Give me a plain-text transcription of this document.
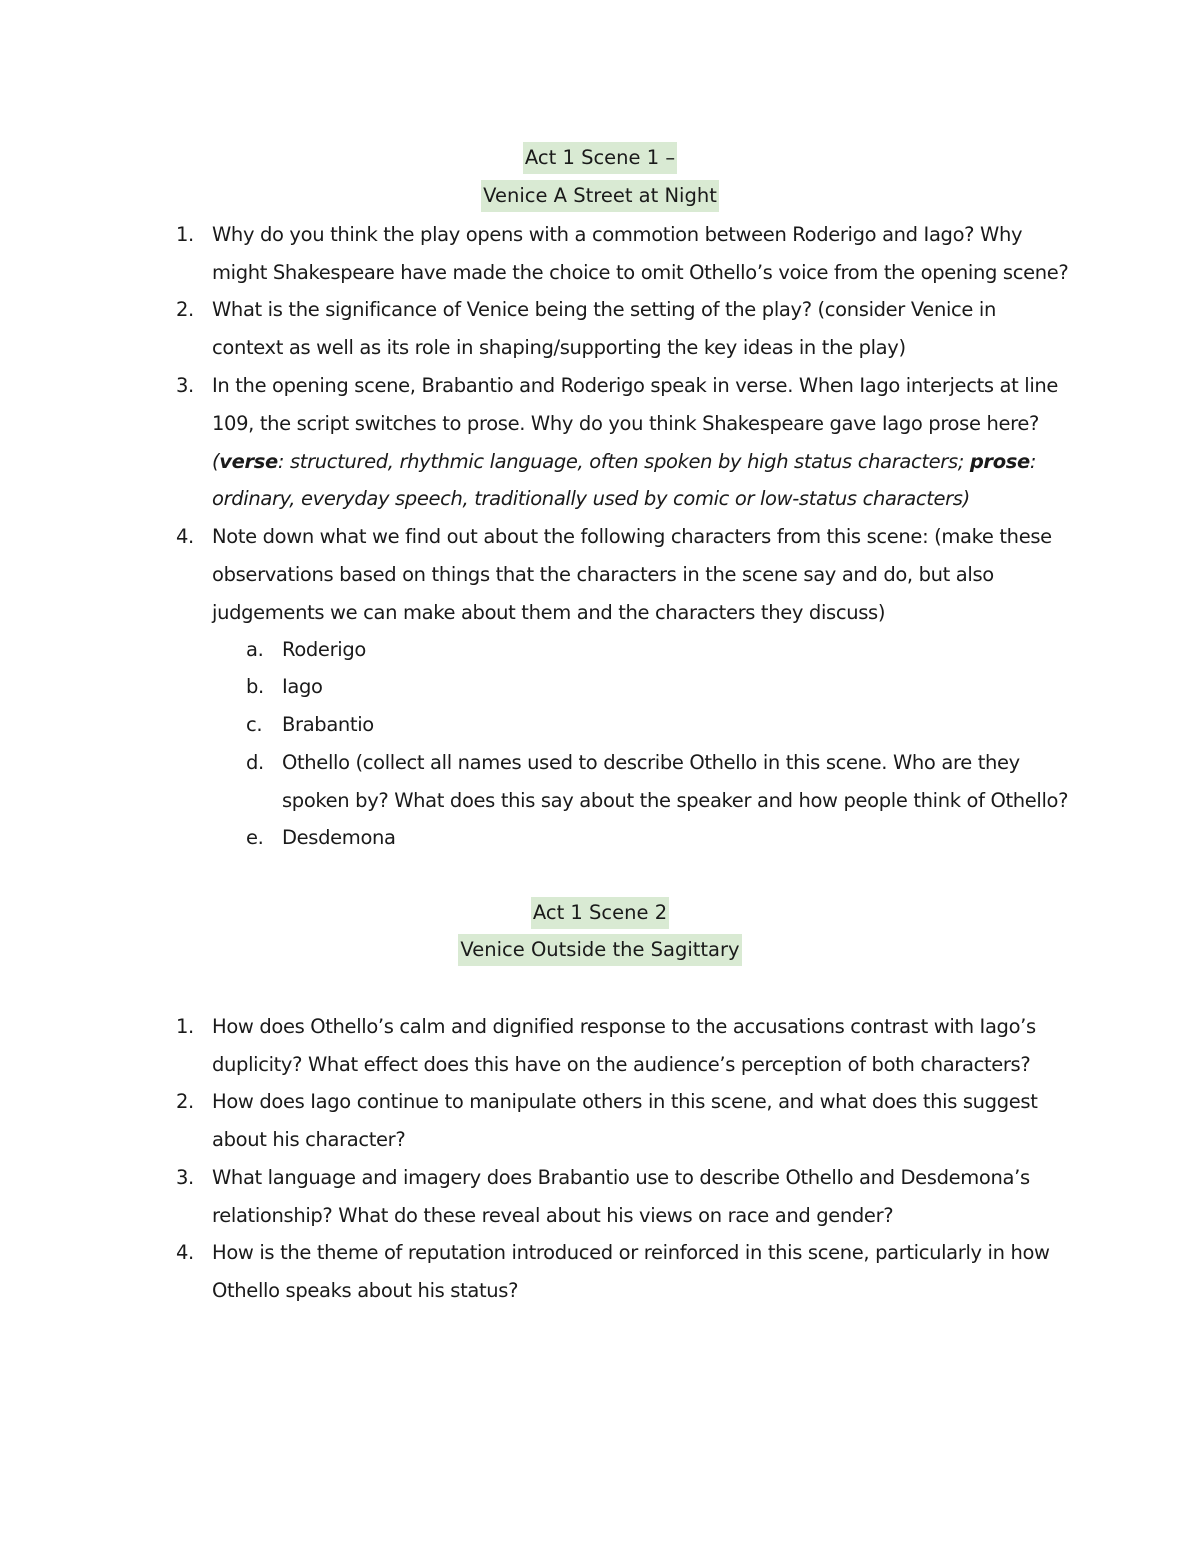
Act 1 Scene 1 –
Venice A Street at Night
1. Why do you think the play opens with a commotion between Roderigo and Iago? Why might Shakespeare have made the choice to omit Othello’s voice from the opening scene?
2. What is the significance of Venice being the setting of the play? (consider Venice in context as well as its role in shaping/supporting the key ideas in the play)
3. In the opening scene, Brabantio and Roderigo speak in verse. When Iago interjects at line 109, the script switches to prose. Why do you think Shakespeare gave Iago prose here? (verse: structured, rhythmic language, often spoken by high status characters; prose: ordinary, everyday speech, traditionally used by comic or low-status characters)
4. Note down what we find out about the following characters from this scene: (make these observations based on things that the characters in the scene say and do, but also judgements we can make about them and the characters they discuss)
a. Roderigo
b. Iago
c.	Brabantio
d. Othello (collect all names used to describe Othello in this scene. Who are they spoken by? What does this say about the speaker and how people think of Othello?
e. Desdemona
Act 1 Scene 2
Venice Outside the Sagittary
1. How does Othello’s calm and dignified response to the accusations contrast with Iago’s duplicity? What effect does this have on the audience’s perception of both characters?
2. How does Iago continue to manipulate others in this scene, and what does this suggest about his character?
3. What language and imagery does Brabantio use to describe Othello and Desdemona’s relationship? What do these reveal about his views on race and gender?
4. How is the theme of reputation introduced or reinforced in this scene, particularly in how Othello speaks about his status?
